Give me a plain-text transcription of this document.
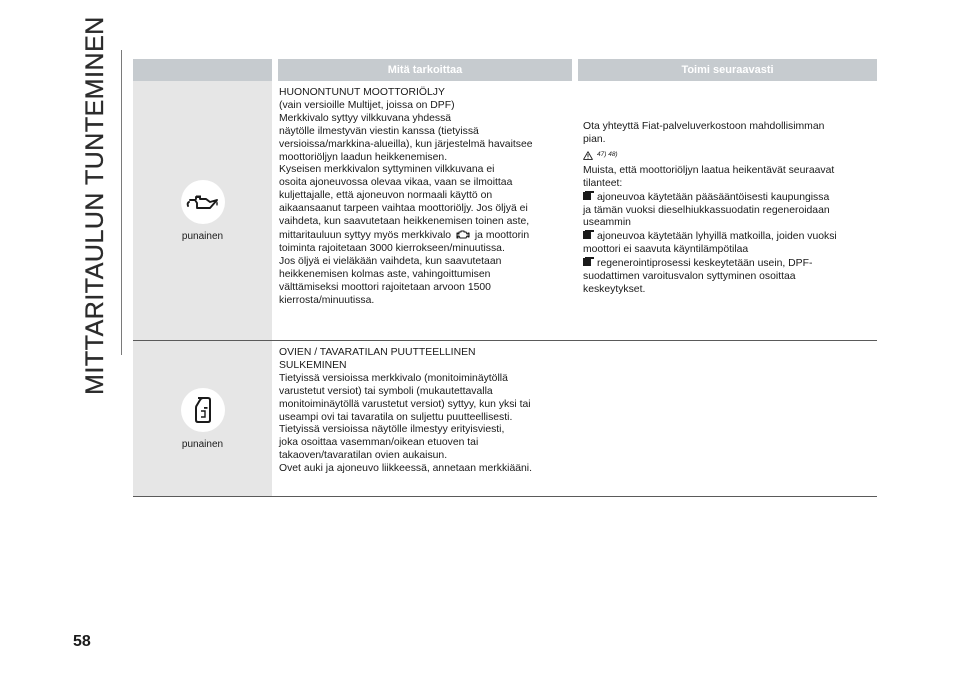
MITTARITAULUN TUNTEMINEN
58
Mitä tarkoittaa	Toimi seuraavasti
punainen

HUONONTUNUT MOOTTORIÖLJY

(vain versioille Multijet, joissa on DPF)

Merkkivalo syttyy vilkkuvana yhdessä

näytölle ilmestyvän viestin kanssa (tietyissä

versioissa/markkina-alueilla), kun järjestelmä havaitsee

moottoriöljyn laadun heikkenemisen.

Kyseisen merkkivalon syttyminen vilkkuvana ei

osoita ajoneuvossa olevaa vikaa, vaan se ilmoittaa

kuljettajalle, että ajoneuvon normaali käyttö on

aikaansaanut tarpeen vaihtaa moottoriöljy. Jos öljyä ei

vaihdeta, kun saavutetaan heikkenemisen toinen aste,

mittaritauluun syttyy myös merkkivalo ja moottorin

toiminta rajoitetaan 3000 kierrokseen/minuutissa.

Jos öljyä ei vieläkään vaihdeta, kun saavutetaan

heikkenemisen kolmas aste, vahingoittumisen

välttämiseksi moottori rajoitetaan arvoon 1500

kierrosta/minuutissa.

Ota yhteyttä Fiat-palveluverkostoon mahdollisimman

pian.

47) 48)

Muista, että moottoriöljyn laatua heikentävät seuraavat

tilanteet:

ajoneuvoa käytetään pääsääntöisesti kaupungissa

ja tämän vuoksi dieselhiukkassuodatin regeneroidaan

useammin

ajoneuvoa käytetään lyhyillä matkoilla, joiden vuoksi

moottori ei saavuta käyntilämpötilaa

regenerointiprosessi keskeytetään usein, DPF-

suodattimen varoitusvalon syttyminen osoittaa

keskeytykset.

punainen

OVIEN / TAVARATILAN PUUTTEELLINEN

SULKEMINEN

Tietyissä versioissa merkkivalo (monitoiminäytöllä

varustetut versiot) tai symboli (mukautettavalla

monitoiminäytöllä varustetut versiot) syttyy, kun yksi tai

useampi ovi tai tavaratila on suljettu puutteellisesti.

Tietyissä versioissa näytölle ilmestyy erityisviesti,

joka osoittaa vasemman/oikean etuoven tai

takaoven/tavaratilan ovien aukaisun.

Ovet auki ja ajoneuvo liikkeessä, annetaan merkkiääni.
